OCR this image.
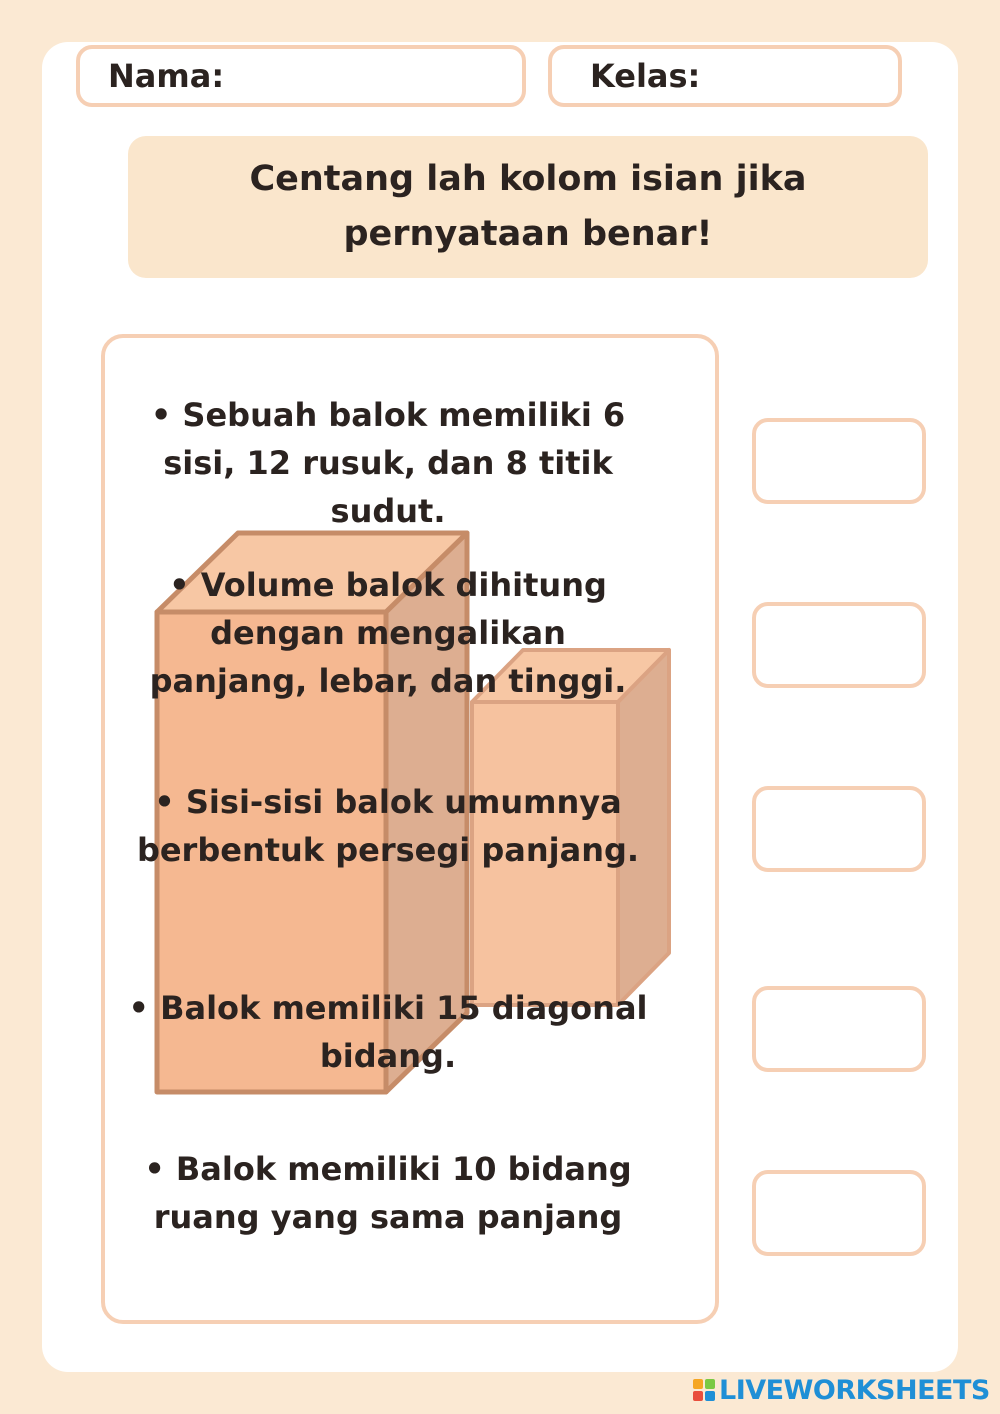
Nama:	Kelas:
Centang lah kolom isian jika
pernyataan benar!
• Sebuah balok memiliki 6
sisi, 12 rusuk, dan 8 titik
sudut.
• Volume balok dihitung
dengan mengalikan
panjang, lebar, dan tinggi.
• Sisi-sisi balok umumnya
berbentuk persegi panjang.
• Balok memiliki 15 diagonal
bidang.
• Balok memiliki 10 bidang
ruang yang sama panjang
LIVEWORKSHEETS
